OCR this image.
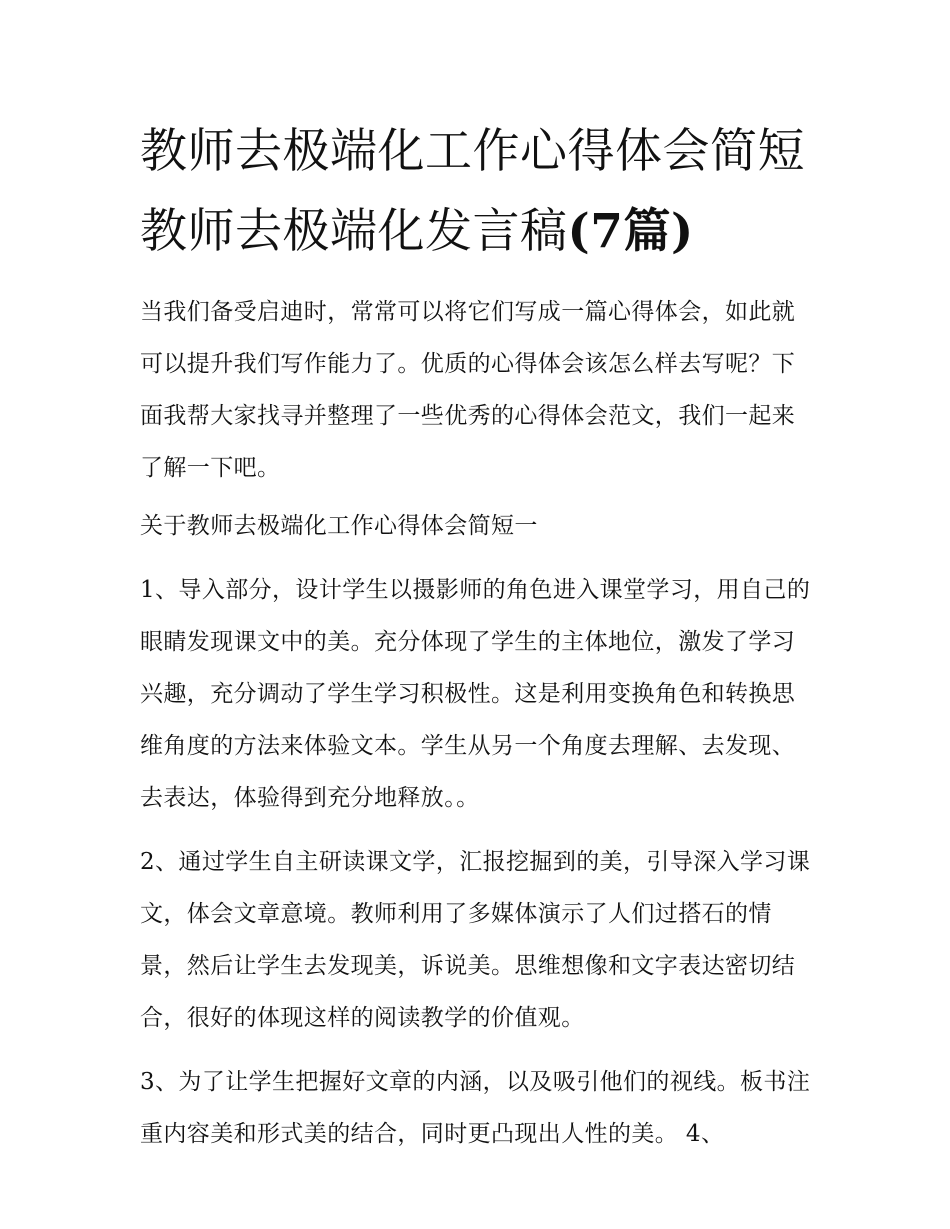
教师去极端化工作心得体会简短 教师去极端化发言稿(7篇)

当我们备受启迪时，常常可以将它们写成一篇心得体会，如此就可以提升我们写作能力了。优质的心得体会该怎么样去写呢？下面我帮大家找寻并整理了一些优秀的心得体会范文，我们一起来了解一下吧。

关于教师去极端化工作心得体会简短一

1、导入部分，设计学生以摄影师的角色进入课堂学习，用自己的眼睛发现课文中的美。充分体现了学生的主体地位，激发了学习兴趣，充分调动了学生学习积极性。这是利用变换角色和转换思维角度的方法来体验文本。学生从另一个角度去理解、去发现、去表达，体验得到充分地释放。。

2、通过学生自主研读课文学，汇报挖掘到的美，引导深入学习课文，体会文章意境。教师利用了多媒体演示了人们过搭石的情景，然后让学生去发现美，诉说美。思维想像和文字表达密切结合，很好的体现这样的阅读教学的价值观。

3、为了让学生把握好文章的内涵，以及吸引他们的视线。板书注重内容美和形式美的结合，同时更凸现出人性的美。 4、
